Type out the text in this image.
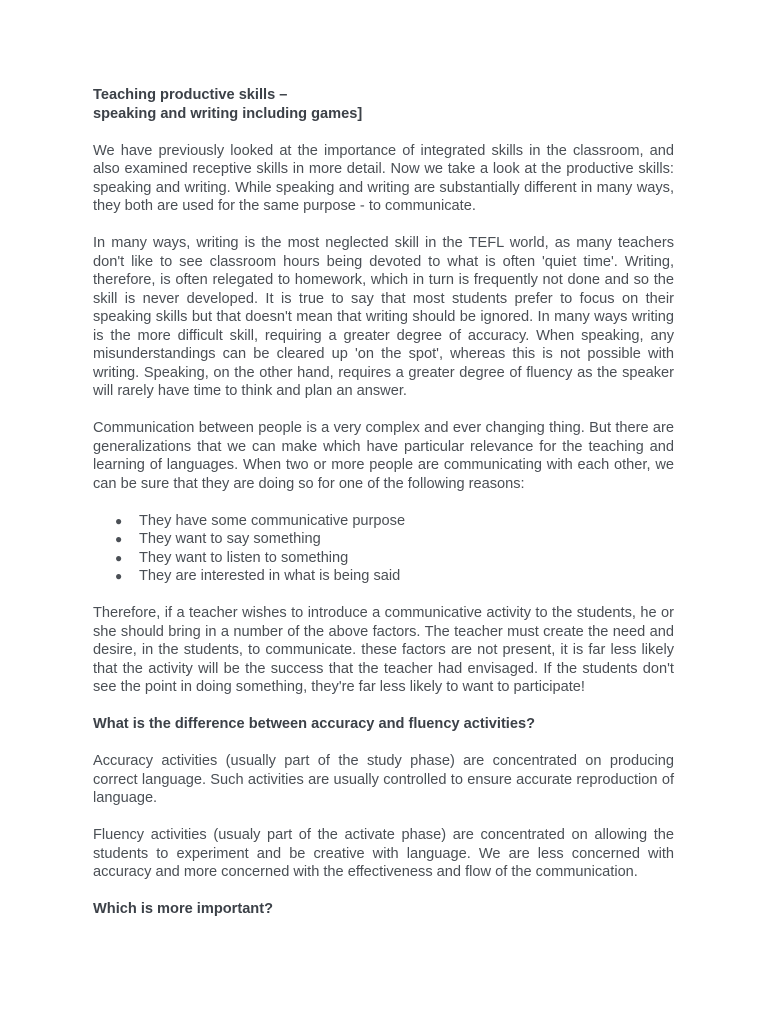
Teaching productive skills –
speaking and writing including games]

We have previously looked at the importance of integrated skills in the classroom, and also examined receptive skills in more detail. Now we take a look at the productive skills: speaking and writing. While speaking and writing are substantially different in many ways, they both are used for the same purpose - to communicate.

In many ways, writing is the most neglected skill in the TEFL world, as many teachers don't like to see classroom hours being devoted to what is often 'quiet time'. Writing, therefore, is often relegated to homework, which in turn is frequently not done and so the skill is never developed. It is true to say that most students prefer to focus on their speaking skills but that doesn't mean that writing should be ignored. In many ways writing is the more difficult skill, requiring a greater degree of accuracy. When speaking, any misunderstandings can be cleared up 'on the spot', whereas this is not possible with writing. Speaking, on the other hand, requires a greater degree of fluency as the speaker will rarely have time to think and plan an answer.

Communication between people is a very complex and ever changing thing. But there are generalizations that we can make which have particular relevance for the teaching and learning of languages. When two or more people are communicating with each other, we can be sure that they are doing so for one of the following reasons:

● They have some communicative purpose
● They want to say something
● They want to listen to something
● They are interested in what is being said

Therefore, if a teacher wishes to introduce a communicative activity to the students, he or she should bring in a number of the above factors. The teacher must create the need and desire, in the students, to communicate. these factors are not present, it is far less likely that the activity will be the success that the teacher had envisaged. If the students don't see the point in doing something, they're far less likely to want to participate!

What is the difference between accuracy and fluency activities?

Accuracy activities (usually part of the study phase) are concentrated on producing correct language. Such activities are usually controlled to ensure accurate reproduction of language.

Fluency activities (usualy part of the activate phase) are concentrated on allowing the students to experiment and be creative with language. We are less concerned with accuracy and more concerned with the effectiveness and flow of the communication.

Which is more important?
